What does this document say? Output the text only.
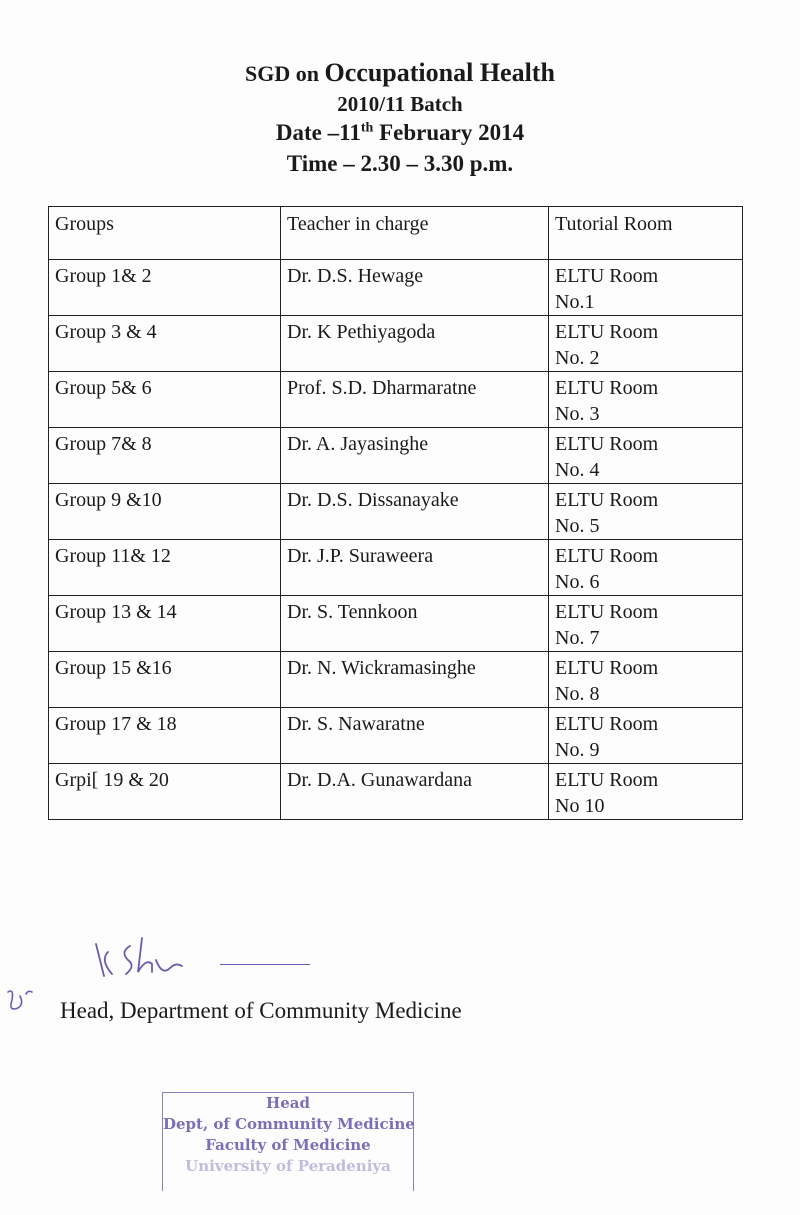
SGD on Occupational Health
2010/11 Batch
Date –11th February 2014
Time – 2.30 – 3.30 p.m.
Groups	Teacher in charge	Tutorial Room
Group 1& 2	Dr. D.S. Hewage	ELTU Room
No.1

Group 3 & 4	Dr. K Pethiyagoda	ELTU Room
No. 2

Group 5& 6	Prof. S.D. Dharmaratne	ELTU Room
No. 3

Group 7& 8	Dr. A. Jayasinghe	ELTU Room
No. 4

Group 9 &10	Dr. D.S. Dissanayake	ELTU Room
No. 5

Group 11& 12	Dr. J.P. Suraweera	ELTU Room
No. 6

Group 13 & 14	Dr. S. Tennkoon	ELTU Room
No. 7

Group 15 &16	Dr. N. Wickramasinghe	ELTU Room
No. 8

Group 17 & 18	Dr. S. Nawaratne	ELTU Room
No. 9

Grpi[ 19 & 20	Dr. D.A. Gunawardana	ELTU Room
No 10
Head, Department of Community Medicine
Head
Dept, of Community Medicine
Faculty of Medicine
University of Peradeniya
